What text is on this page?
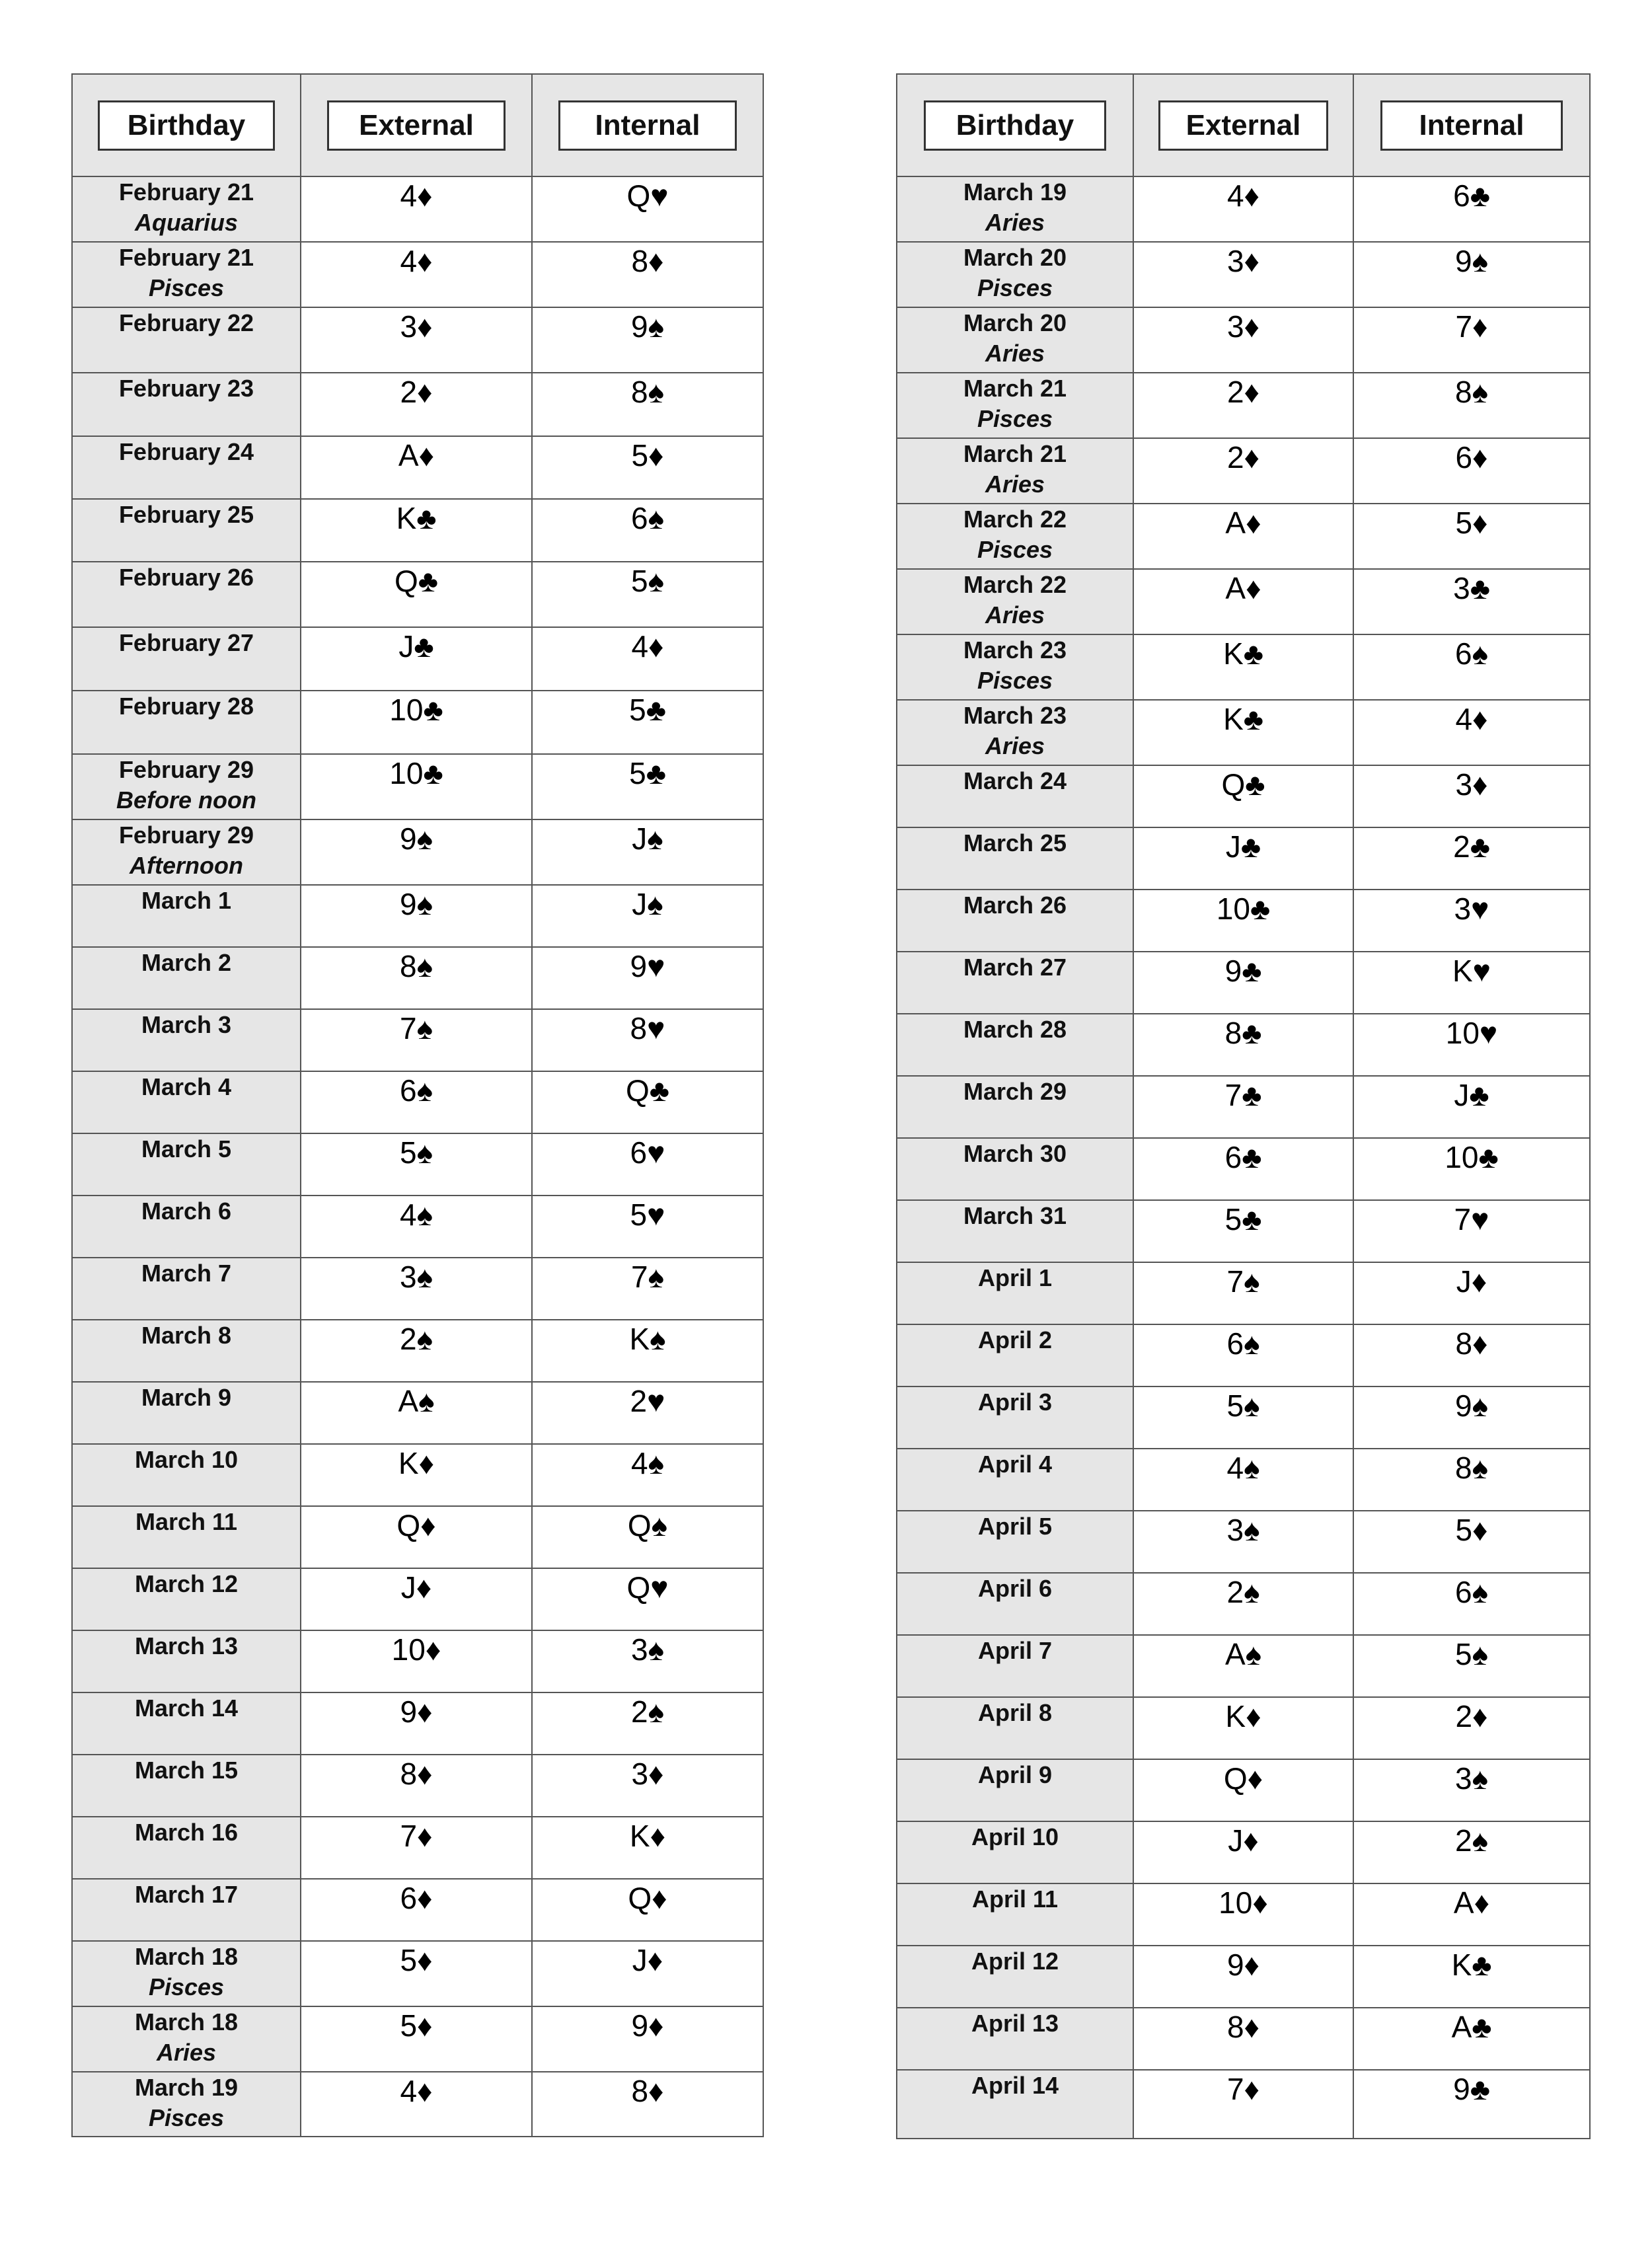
Birthday	External	Internal

February 21
Aquarius	4♦	Q♥

February 21
Pisces	4♦	8♦

February 22	3♦	9♠

February 23	2♦	8♠

February 24	A♦	5♦

February 25	K♣	6♠

February 26	Q♣	5♠

February 27	J♣	4♦

February 28	10♣	5♣

February 29
Before noon	10♣	5♣

February 29
Afternoon	9♠	J♠

March 1	9♠	J♠

March 2	8♠	9♥

March 3	7♠	8♥

March 4	6♠	Q♣

March 5	5♠	6♥

March 6	4♠	5♥

March 7	3♠	7♠

March 8	2♠	K♠

March 9	A♠	2♥

March 10	K♦	4♠

March 11	Q♦	Q♠

March 12	J♦	Q♥

March 13	10♦	3♠

March 14	9♦	2♠

March 15	8♦	3♦

March 16	7♦	K♦

March 17	6♦	Q♦

March 18
Pisces	5♦	J♦

March 18
Aries	5♦	9♦

March 19
Pisces	4♦	8♦
Birthday	External	Internal

March 19
Aries	4♦	6♣

March 20
Pisces	3♦	9♠

March 20
Aries	3♦	7♦

March 21
Pisces	2♦	8♠

March 21
Aries	2♦	6♦

March 22
Pisces	A♦	5♦

March 22
Aries	A♦	3♣

March 23
Pisces	K♣	6♠

March 23
Aries	K♣	4♦

March 24	Q♣	3♦

March 25	J♣	2♣

March 26	10♣	3♥

March 27	9♣	K♥

March 28	8♣	10♥

March 29	7♣	J♣

March 30	6♣	10♣

March 31	5♣	7♥

April 1	7♠	J♦

April 2	6♠	8♦

April 3	5♠	9♠

April 4	4♠	8♠

April 5	3♠	5♦

April 6	2♠	6♠

April 7	A♠	5♠

April 8	K♦	2♦

April 9	Q♦	3♠

April 10	J♦	2♠

April 11	10♦	A♦

April 12	9♦	K♣

April 13	8♦	A♣

April 14	7♦	9♣
